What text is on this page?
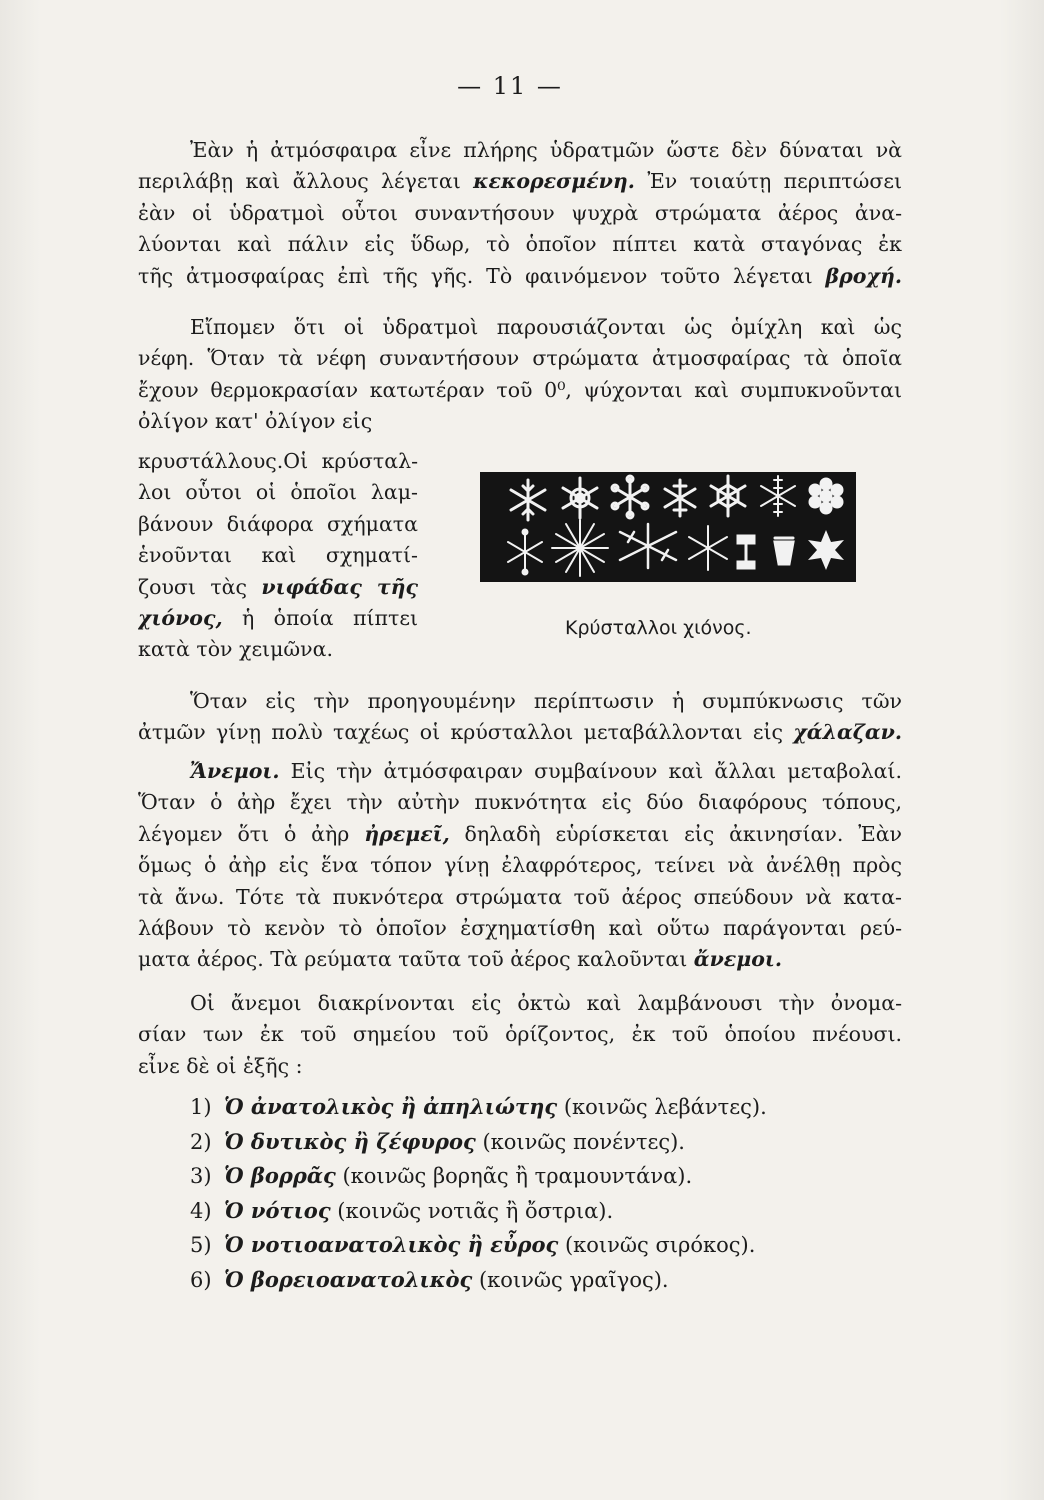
— 11 —
Ἐὰν ἡ ἀτμόσφαιρα εἶνε πλήρης ὑδρατμῶν ὥστε δὲν δύναται νὰ
περιλάβῃ καὶ ἄλλους λέγεται κεκορεσμένη. Ἐν τοιαύτῃ περιπτώσει
ἐὰν οἱ ὑδρατμοὶ οὗτοι συναντήσουν ψυχρὰ στρώματα ἀέρος ἀνα-
λύονται καὶ πάλιν εἰς ὕδωρ, τὸ ὁποῖον πίπτει κατὰ σταγόνας ἐκ
τῆς ἀτμοσφαίρας ἐπὶ τῆς γῆς. Τὸ φαινόμενον τοῦτο λέγεται βροχή.
Εἴπομεν ὅτι οἱ ὑδρατμοὶ παρουσιάζονται ὡς ὁμίχλη καὶ ὡς
νέφη. Ὅταν τὰ νέφη συναντήσουν στρώματα ἀτμοσφαίρας τὰ ὁποῖα
ἔχουν θερμοκρασίαν κατωτέραν τοῦ 0⁰, ψύχονται καὶ συμπυκνοῦνται
ὀλίγον κατ' ὀλίγον εἰς
κρυστάλλους.Οἱ κρύσταλ-
λοι οὗτοι οἱ ὁποῖοι λαμ-
βάνουν διάφορα σχήματα
ἑνοῦνται καὶ σχηματί-
ζουσι τὰς νιφάδας τῆς
χιόνος, ἡ ὁποία πίπτει
κατὰ τὸν χειμῶνα.
Κρύσταλλοι χιόνος.
Ὅταν εἰς τὴν προηγουμένην περίπτωσιν ἡ συμπύκνωσις τῶν
ἀτμῶν γίνῃ πολὺ ταχέως οἱ κρύσταλλοι μεταβάλλονται εἰς χάλαζαν.
Ἄνεμοι. Εἰς τὴν ἀτμόσφαιραν συμβαίνουν καὶ ἄλλαι μεταβολαί.
Ὅταν ὁ ἀὴρ ἔχει τὴν αὐτὴν πυκνότητα εἰς δύο διαφόρους τόπους,
λέγομεν ὅτι ὁ ἀὴρ ἠρεμεῖ, δηλαδὴ εὑρίσκεται εἰς ἀκινησίαν. Ἐὰν
ὅμως ὁ ἀὴρ εἰς ἕνα τόπον γίνῃ ἐλαφρότερος, τείνει νὰ ἀνέλθῃ πρὸς
τὰ ἄνω. Τότε τὰ πυκνότερα στρώματα τοῦ ἀέρος σπεύδουν νὰ κατα-
λάβουν τὸ κενὸν τὸ ὁποῖον ἐσχηματίσθη καὶ οὕτω παράγονται ρεύ-
ματα ἀέρος. Τὰ ρεύματα ταῦτα τοῦ ἀέρος καλοῦνται ἄνεμοι.
Οἱ ἄνεμοι διακρίνονται εἰς ὀκτὼ καὶ λαμβάνουσι τὴν ὀνομα-
σίαν των ἐκ τοῦ σημείου τοῦ ὁρίζοντος, ἐκ τοῦ ὁποίου πνέουσι.
εἶνε δὲ οἱ ἑξῆς :
1) Ὁ ἀνατολικὸς ἢ ἀπηλιώτης (κοινῶς λεβάντες).
2) Ὁ δυτικὸς ἢ ζέφυρος (κοινῶς πονέντες).
3) Ὁ βορρᾶς (κοινῶς βορηᾶς ἢ τραμουντάνα).
4) Ὁ νότιος (κοινῶς νοτιᾶς ἢ ὄστρια).
5) Ὁ νοτιοανατολικὸς ἢ εὖρος (κοινῶς σιρόκος).
6) Ὁ βορειοανατολικὸς (κοινῶς γραῖγος).
